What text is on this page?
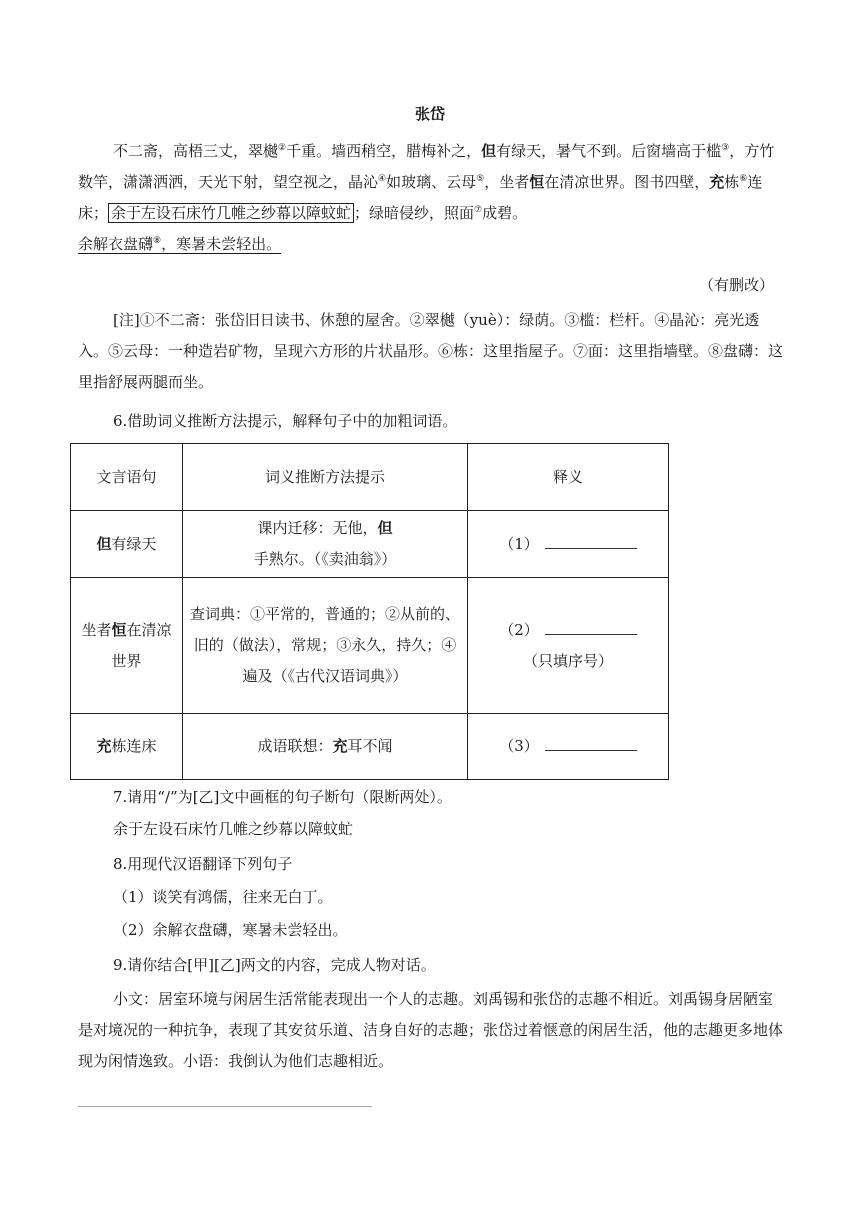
张岱

不二斋，高梧三丈，翠樾②千重。墙西稍空，腊梅补之，但有绿天，暑气不到。后窗墙高于槛③，方竹数竿，潇潇洒洒，天光下射，望空视之，晶沁④如玻璃、云母⑤，坐者恒在清凉世界。图书四壁，充栋⑥连床； 余于左设石床竹几帷之纱幕以障蚊虻 ；绿暗侵纱，照面⑦成碧。
余解衣盘礴⑧，寒暑未尝轻出。

（有删改）

[注]①不二斋：张岱旧日读书、休憩的屋舍。②翠樾（yuè）：绿荫。③槛：栏杆。④晶沁：亮光透入。⑤云母：一种造岩矿物，呈现六方形的片状晶形。⑥栋：这里指屋子。⑦面：这里指墙壁。⑧盘礴：这里指舒展两腿而坐。

6.借助词义推断方法提示，解释句子中的加粗词语。

文言语句	词义推断方法提示	释义
但有绿天	课内迁移：无他，但手熟尔。（《卖油翁》）	（1）
坐者恒在清凉世界	查词典：①平常的，普通的；②从前的、旧的（做法），常规；③永久，持久；④遍及（《古代汉语词典》）	（2）
（只填序号）
充栋连床	成语联想：充耳不闻	（3）

7.请用“/”为[乙]文中画框的句子断句（限断两处）。

余于左设石床竹几帷之纱幕以障蚊虻

8.用现代汉语翻译下列句子

（1）谈笑有鸿儒，往来无白丁。

（2）余解衣盘礴，寒暑未尝轻出。

9.请你结合[甲][乙]两文的内容，完成人物对话。

小文：居室环境与闲居生活常能表现出一个人的志趣。刘禹锡和张岱的志趣不相近。刘禹锡身居陋室是对境况的一种抗争，表现了其安贫乐道、洁身自好的志趣；张岱过着惬意的闲居生活，他的志趣更多地体现为闲情逸致。小语：我倒认为他们志趣相近。
